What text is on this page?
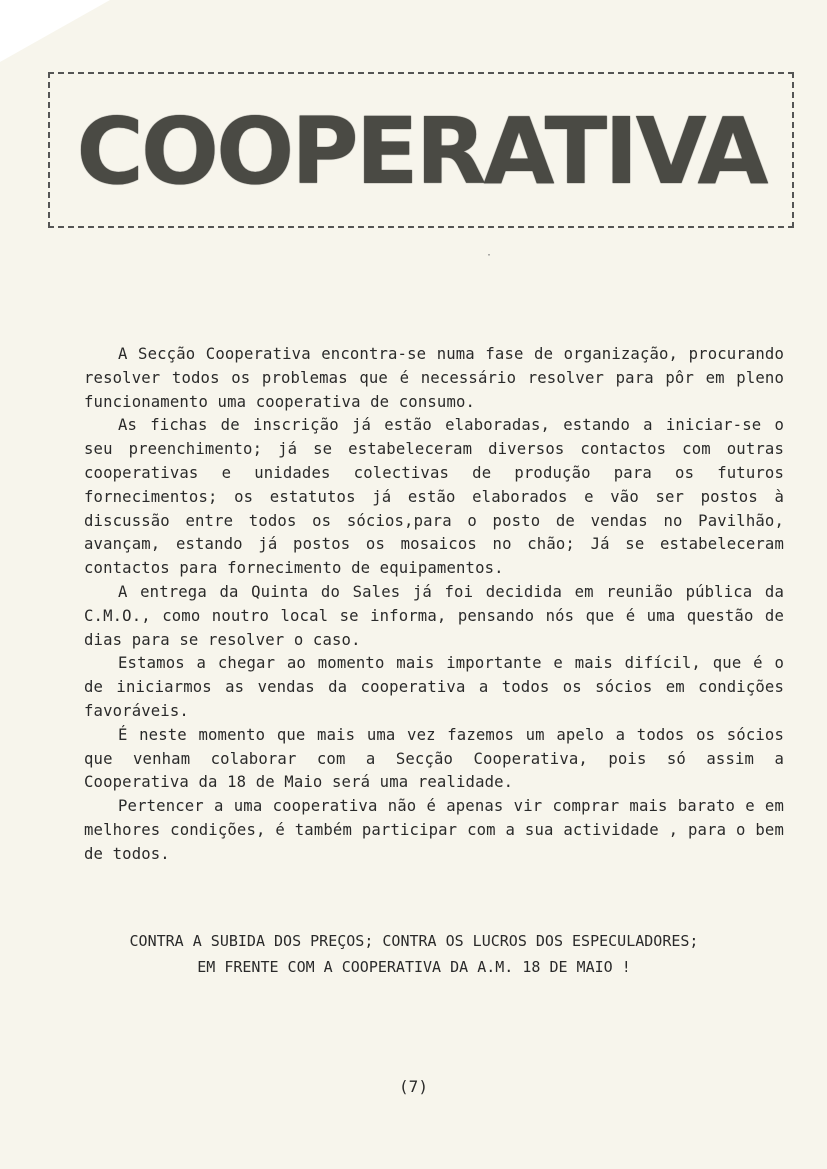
COOPERATIVA
·

A Secção Cooperativa encontra-se numa fase de organização, procurando resolver todos os problemas que é necessário resolver para pôr em pleno funcionamento uma cooperativa de consumo.

As fichas de inscrição já estão elaboradas, estando a iniciar-se o seu preenchimento; já se estabeleceram diversos contactos com outras cooperativas e unidades colectivas de produção para os futuros fornecimentos; os estatutos já estão elaborados e vão ser postos à discussão entre todos os sócios,para o posto de vendas no Pavilhão, avançam, estando já postos os mosaicos no chão; Já se estabeleceram contactos para fornecimento de equipamentos.

A entrega da Quinta do Sales já foi decidida em reunião pública da C.M.O., como noutro local se informa, pensando nós que é uma questão de dias para se resolver o caso.

Estamos a chegar ao momento mais importante e mais difícil, que é o de iniciarmos as vendas da cooperativa a todos os sócios em condições favoráveis.

É neste momento que mais uma vez fazemos um apelo a todos os sócios que venham colaborar com a Secção Cooperativa, pois só assim a Cooperativa da 18 de Maio será uma realidade.

Pertencer a uma cooperativa não é apenas vir comprar mais barato e em melhores condições, é também participar com a sua actividade , para o bem de todos.

CONTRA A SUBIDA DOS PREÇOS; CONTRA OS LUCROS DOS ESPECULADORES;
EM FRENTE COM A COOPERATIVA DA A.M. 18 DE MAIO !
(7)
